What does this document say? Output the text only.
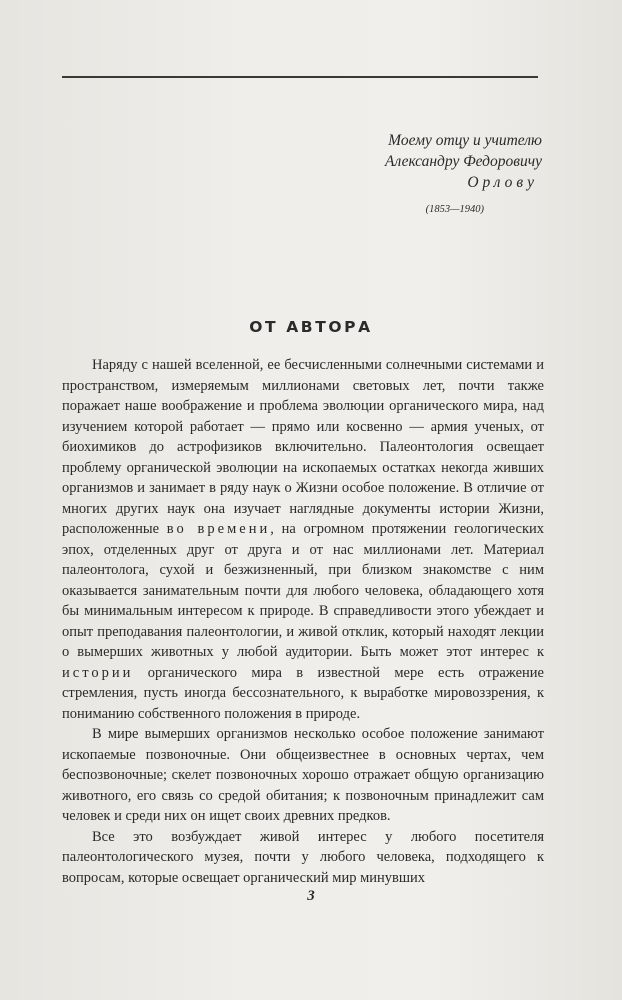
Моему отцу и учителю
Александру Федоровичу
Орлову
(1853—1940)
ОТ АВТОРА

Наряду с нашей вселенной, ее бесчисленными солнечными системами и пространством, измеряемым миллионами световых лет, почти также поражает наше воображение и проблема эволюции органического мира, над изучением которой работает — прямо или косвенно — армия ученых, от биохимиков до астрофизиков включительно. Палеонтология освещает проблему органической эволюции на ископаемых остатках некогда живших организмов и занимает в ряду наук о Жизни особое положение. В отличие от многих других наук она изучает наглядные документы истории Жизни, расположенные во времени, на огромном протяжении геологических эпох, отделенных друг от друга и от нас миллионами лет. Материал палеонтолога, сухой и безжизненный, при близком знакомстве с ним оказывается занимательным почти для любого человека, обладающего хотя бы минимальным интересом к природе. В справедливости этого убеждает и опыт преподавания палеонтологии, и живой отклик, который находят лекции о вымерших животных у любой аудитории. Быть может этот интерес к истории органического мира в известной мере есть отражение стремления, пусть иногда бессознательного, к выработке мировоззрения, к пониманию собственного положения в природе.

В мире вымерших организмов несколько особое положение занимают ископаемые позвоночные. Они общеизвестнее в основных чертах, чем беспозвоночные; скелет позвоночных хорошо отражает общую организацию животного, его связь со средой обитания; к позвоночным принадлежит сам человек и среди них он ищет своих древних предков.

Все это возбуждает живой интерес у любого посетителя палеонтологического музея, почти у любого человека, подходящего к вопросам, которые освещает органический мир минувших

3
